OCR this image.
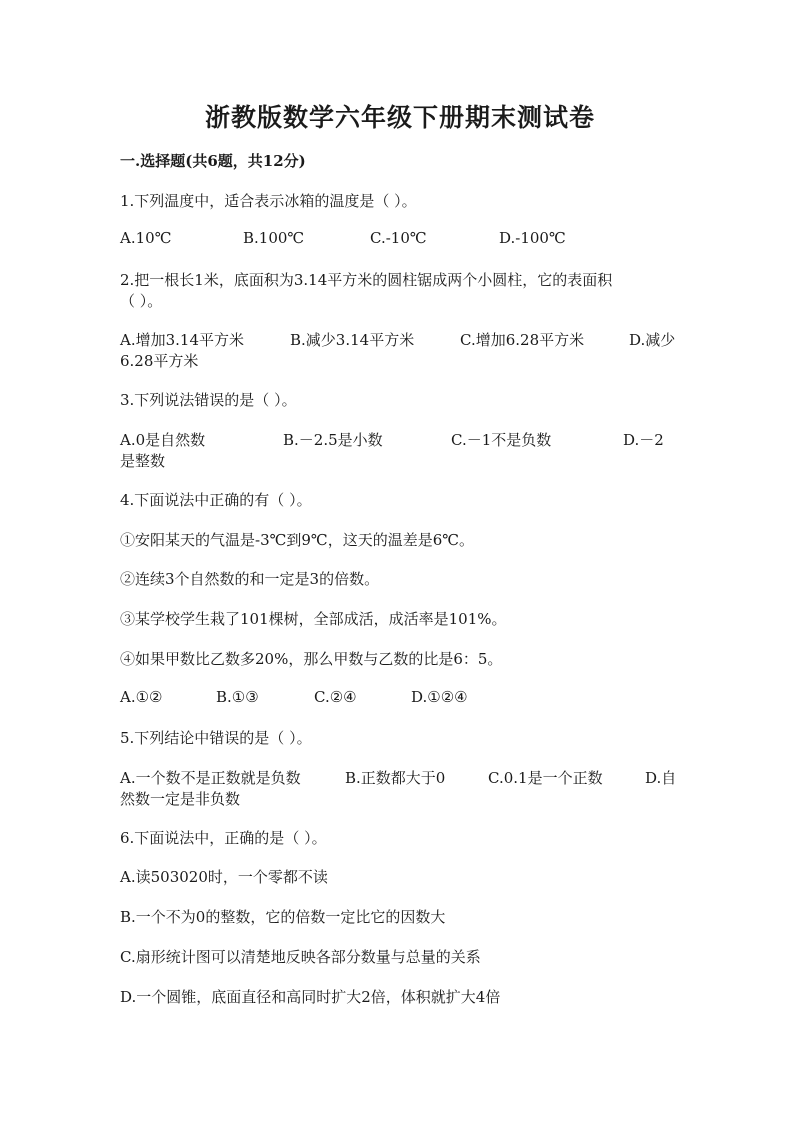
浙教版数学六年级下册期末测试卷
一.选择题(共6题，共12分)
1.下列温度中，适合表示冰箱的温度是（ ）。
A.10℃	B.100℃	C.-10℃	D.-100℃
2.把一根长1米，底面积为3.14平方米的圆柱锯成两个小圆柱，它的表面积
（ ）。
A.增加3.14平方米	B.减少3.14平方米	C.增加6.28平方米	D.减少
6.28平方米
3.下列说法错误的是（ ）。
A.0是自然数	B.－2.5是小数	C.－1不是负数	D.－2
是整数
4.下面说法中正确的有（ ）。
①安阳某天的气温是-3℃到9℃，这天的温差是6℃。
②连续3个自然数的和一定是3的倍数。
③某学校学生栽了101棵树，全部成活，成活率是101%。
④如果甲数比乙数多20%，那么甲数与乙数的比是6：5。
A.①②	B.①③	C.②④	D.①②④
5.下列结论中错误的是（ ）。
A.一个数不是正数就是负数	B.正数都大于0	C.0.1是一个正数	D.自
然数一定是非负数
6.下面说法中，正确的是（ ）。
A.读503020时，一个零都不读
B.一个不为0的整数，它的倍数一定比它的因数大
C.扇形统计图可以清楚地反映各部分数量与总量的关系
D.一个圆锥，底面直径和高同时扩大2倍，体积就扩大4倍
